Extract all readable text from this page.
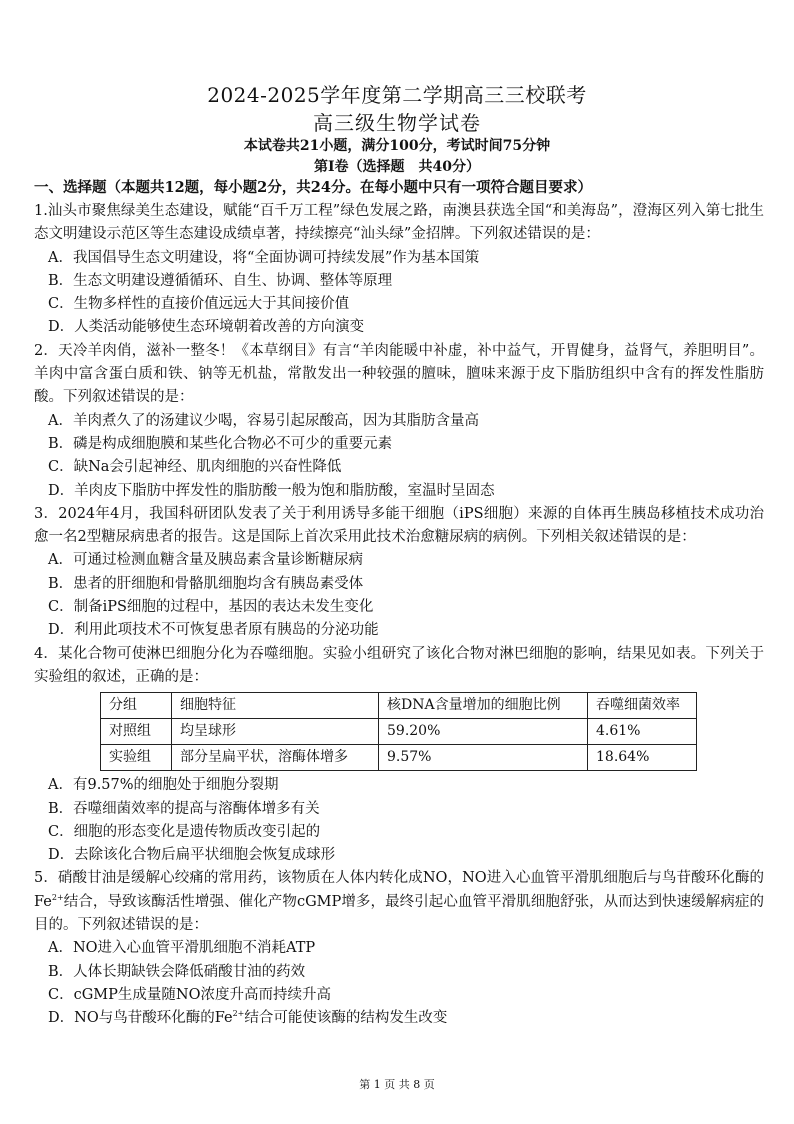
2024-2025学年度第二学期高三三校联考
高三级生物学试卷
本试卷共21小题，满分100分，考试时间75分钟
第Ⅰ卷（选择题　共40分）
一、选择题（本题共12题，每小题2分，共24分。在每小题中只有一项符合题目要求）
1.汕头市聚焦绿美生态建设，赋能“百千万工程”绿色发展之路，南澳县获选全国“和美海岛”，澄海区列入第七批生态文明建设示范区等生态建设成绩卓著，持续擦亮“汕头绿”金招牌。下列叙述错误的是：
A．我国倡导生态文明建设，将“全面协调可持续发展”作为基本国策
B．生态文明建设遵循循环、自生、协调、整体等原理
C．生物多样性的直接价值远远大于其间接价值
D．人类活动能够使生态环境朝着改善的方向演变
2．天冷羊肉俏，滋补一整冬！《本草纲目》有言“羊肉能暖中补虚，补中益气，开胃健身，益肾气，养胆明目”。羊肉中富含蛋白质和铁、钠等无机盐，常散发出一种较强的膻味，膻味来源于皮下脂肪组织中含有的挥发性脂肪酸。下列叙述错误的是：
A．羊肉煮久了的汤建议少喝，容易引起尿酸高，因为其脂肪含量高
B．磷是构成细胞膜和某些化合物必不可少的重要元素
C．缺Na会引起神经、肌肉细胞的兴奋性降低
D．羊肉皮下脂肪中挥发性的脂肪酸一般为饱和脂肪酸，室温时呈固态
3．2024年4月，我国科研团队发表了关于利用诱导多能干细胞（iPS细胞）来源的自体再生胰岛移植技术成功治愈一名2型糖尿病患者的报告。这是国际上首次采用此技术治愈糖尿病的病例。下列相关叙述错误的是：
A．可通过检测血糖含量及胰岛素含量诊断糖尿病
B．患者的肝细胞和骨骼肌细胞均含有胰岛素受体
C．制备iPS细胞的过程中，基因的表达未发生变化
D．利用此项技术不可恢复患者原有胰岛的分泌功能
4．某化合物可使淋巴细胞分化为吞噬细胞。实验小组研究了该化合物对淋巴细胞的影响，结果见如表。下列关于实验组的叙述，正确的是：
分组	细胞特征	核DNA含量增加的细胞比例	吞噬细菌效率
对照组	均呈球形	59.20%	4.61%
实验组	部分呈扁平状，溶酶体增多	9.57%	18.64%
A．有9.57%的细胞处于细胞分裂期
B．吞噬细菌效率的提高与溶酶体增多有关
C．细胞的形态变化是遗传物质改变引起的
D．去除该化合物后扁平状细胞会恢复成球形
5．硝酸甘油是缓解心绞痛的常用药，该物质在人体内转化成NO，NO进入心血管平滑肌细胞后与鸟苷酸环化酶的$Fe^{2+}$结合，导致该酶活性增强、催化产物cGMP增多，最终引起心血管平滑肌细胞舒张，从而达到快速缓解病症的目的。下列叙述错误的是：
A．NO进入心血管平滑肌细胞不消耗ATP
B．人体长期缺铁会降低硝酸甘油的药效
C．cGMP生成量随NO浓度升高而持续升高
D．NO与鸟苷酸环化酶的$Fe^{2+}$结合可能使该酶的结构发生改变
第 1 页 共 8 页
